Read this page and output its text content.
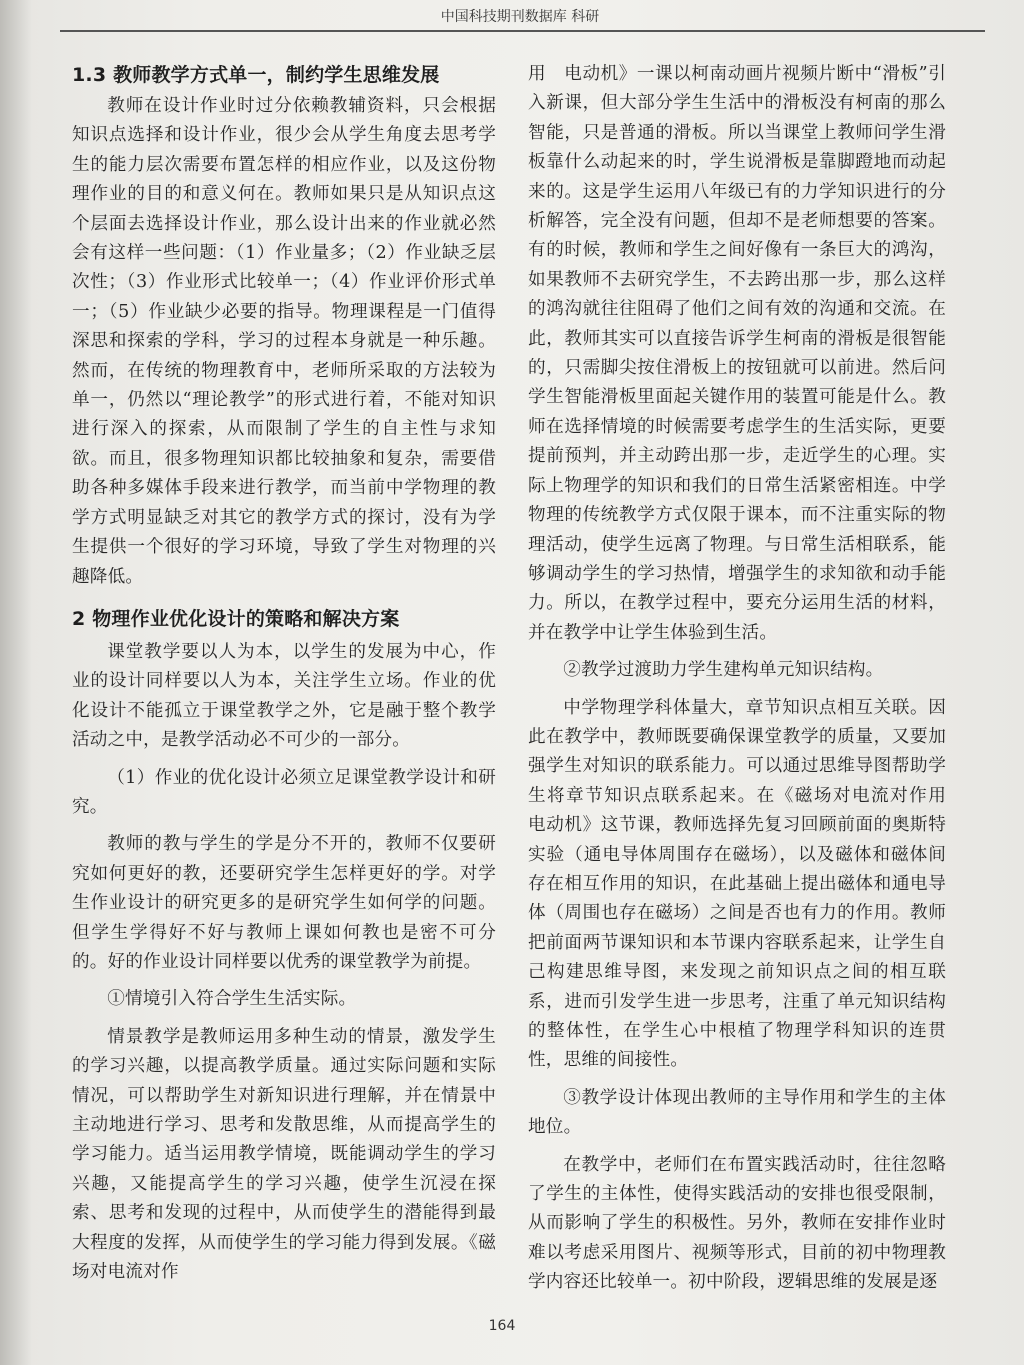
中国科技期刊数据库 科研
1.3 教师教学方式单一，制约学生思维发展

教师在设计作业时过分依赖教辅资料，只会根据知识点选择和设计作业，很少会从学生角度去思考学生的能力层次需要布置怎样的相应作业，以及这份物理作业的目的和意义何在。教师如果只是从知识点这个层面去选择设计作业，那么设计出来的作业就必然会有这样一些问题：（1）作业量多；（2）作业缺乏层次性；（3）作业形式比较单一；（4）作业评价形式单一；（5）作业缺少必要的指导。物理课程是一门值得深思和探索的学科，学习的过程本身就是一种乐趣。然而，在传统的物理教育中，老师所采取的方法较为单一，仍然以“理论教学”的形式进行着，不能对知识进行深入的探索，从而限制了学生的自主性与求知欲。而且，很多物理知识都比较抽象和复杂，需要借助各种多媒体手段来进行教学，而当前中学物理的教学方式明显缺乏对其它的教学方式的探讨，没有为学生提供一个很好的学习环境，导致了学生对物理的兴趣降低。

2 物理作业优化设计的策略和解决方案

课堂教学要以人为本，以学生的发展为中心，作业的设计同样要以人为本，关注学生立场。作业的优化设计不能孤立于课堂教学之外，它是融于整个教学活动之中，是教学活动必不可少的一部分。

（1）作业的优化设计必须立足课堂教学设计和研究。

教师的教与学生的学是分不开的，教师不仅要研究如何更好的教，还要研究学生怎样更好的学。对学生作业设计的研究更多的是研究学生如何学的问题。但学生学得好不好与教师上课如何教也是密不可分的。好的作业设计同样要以优秀的课堂教学为前提。

①情境引入符合学生生活实际。

情景教学是教师运用多种生动的情景，激发学生的学习兴趣，以提高教学质量。通过实际问题和实际情况，可以帮助学生对新知识进行理解，并在情景中主动地进行学习、思考和发散思维，从而提高学生的学习能力。适当运用教学情境，既能调动学生的学习兴趣，又能提高学生的学习兴趣，使学生沉浸在探索、思考和发现的过程中，从而使学生的潜能得到最大程度的发挥，从而使学生的学习能力得到发展。《磁场对电流对作

用　电动机》一课以柯南动画片视频片断中“滑板”引入新课，但大部分学生生活中的滑板没有柯南的那么智能，只是普通的滑板。所以当课堂上教师问学生滑板靠什么动起来的时，学生说滑板是靠脚蹬地而动起来的。这是学生运用八年级已有的力学知识进行的分析解答，完全没有问题，但却不是老师想要的答案。有的时候，教师和学生之间好像有一条巨大的鸿沟，如果教师不去研究学生，不去跨出那一步，那么这样的鸿沟就往往阻碍了他们之间有效的沟通和交流。在此，教师其实可以直接告诉学生柯南的滑板是很智能的，只需脚尖按住滑板上的按钮就可以前进。然后问学生智能滑板里面起关键作用的装置可能是什么。教师在选择情境的时候需要考虑学生的生活实际，更要提前预判，并主动跨出那一步，走近学生的心理。实际上物理学的知识和我们的日常生活紧密相连。中学物理的传统教学方式仅限于课本，而不注重实际的物理活动，使学生远离了物理。与日常生活相联系，能够调动学生的学习热情，增强学生的求知欲和动手能力。所以，在教学过程中，要充分运用生活的材料，并在教学中让学生体验到生活。

②教学过渡助力学生建构单元知识结构。

中学物理学科体量大，章节知识点相互关联。因此在教学中，教师既要确保课堂教学的质量，又要加强学生对知识的联系能力。可以通过思维导图帮助学生将章节知识点联系起来。在《磁场对电流对作用　电动机》这节课，教师选择先复习回顾前面的奥斯特实验（通电导体周围存在磁场），以及磁体和磁体间存在相互作用的知识，在此基础上提出磁体和通电导体（周围也存在磁场）之间是否也有力的作用。教师把前面两节课知识和本节课内容联系起来，让学生自己构建思维导图，来发现之前知识点之间的相互联系，进而引发学生进一步思考，注重了单元知识结构的整体性，在学生心中根植了物理学科知识的连贯性，思维的间接性。

③教学设计体现出教师的主导作用和学生的主体地位。

在教学中，老师们在布置实践活动时，往往忽略了学生的主体性，使得实践活动的安排也很受限制，从而影响了学生的积极性。另外，教师在安排作业时难以考虑采用图片、视频等形式，目前的初中物理教学内容还比较单一。初中阶段，逻辑思维的发展是逐

164
